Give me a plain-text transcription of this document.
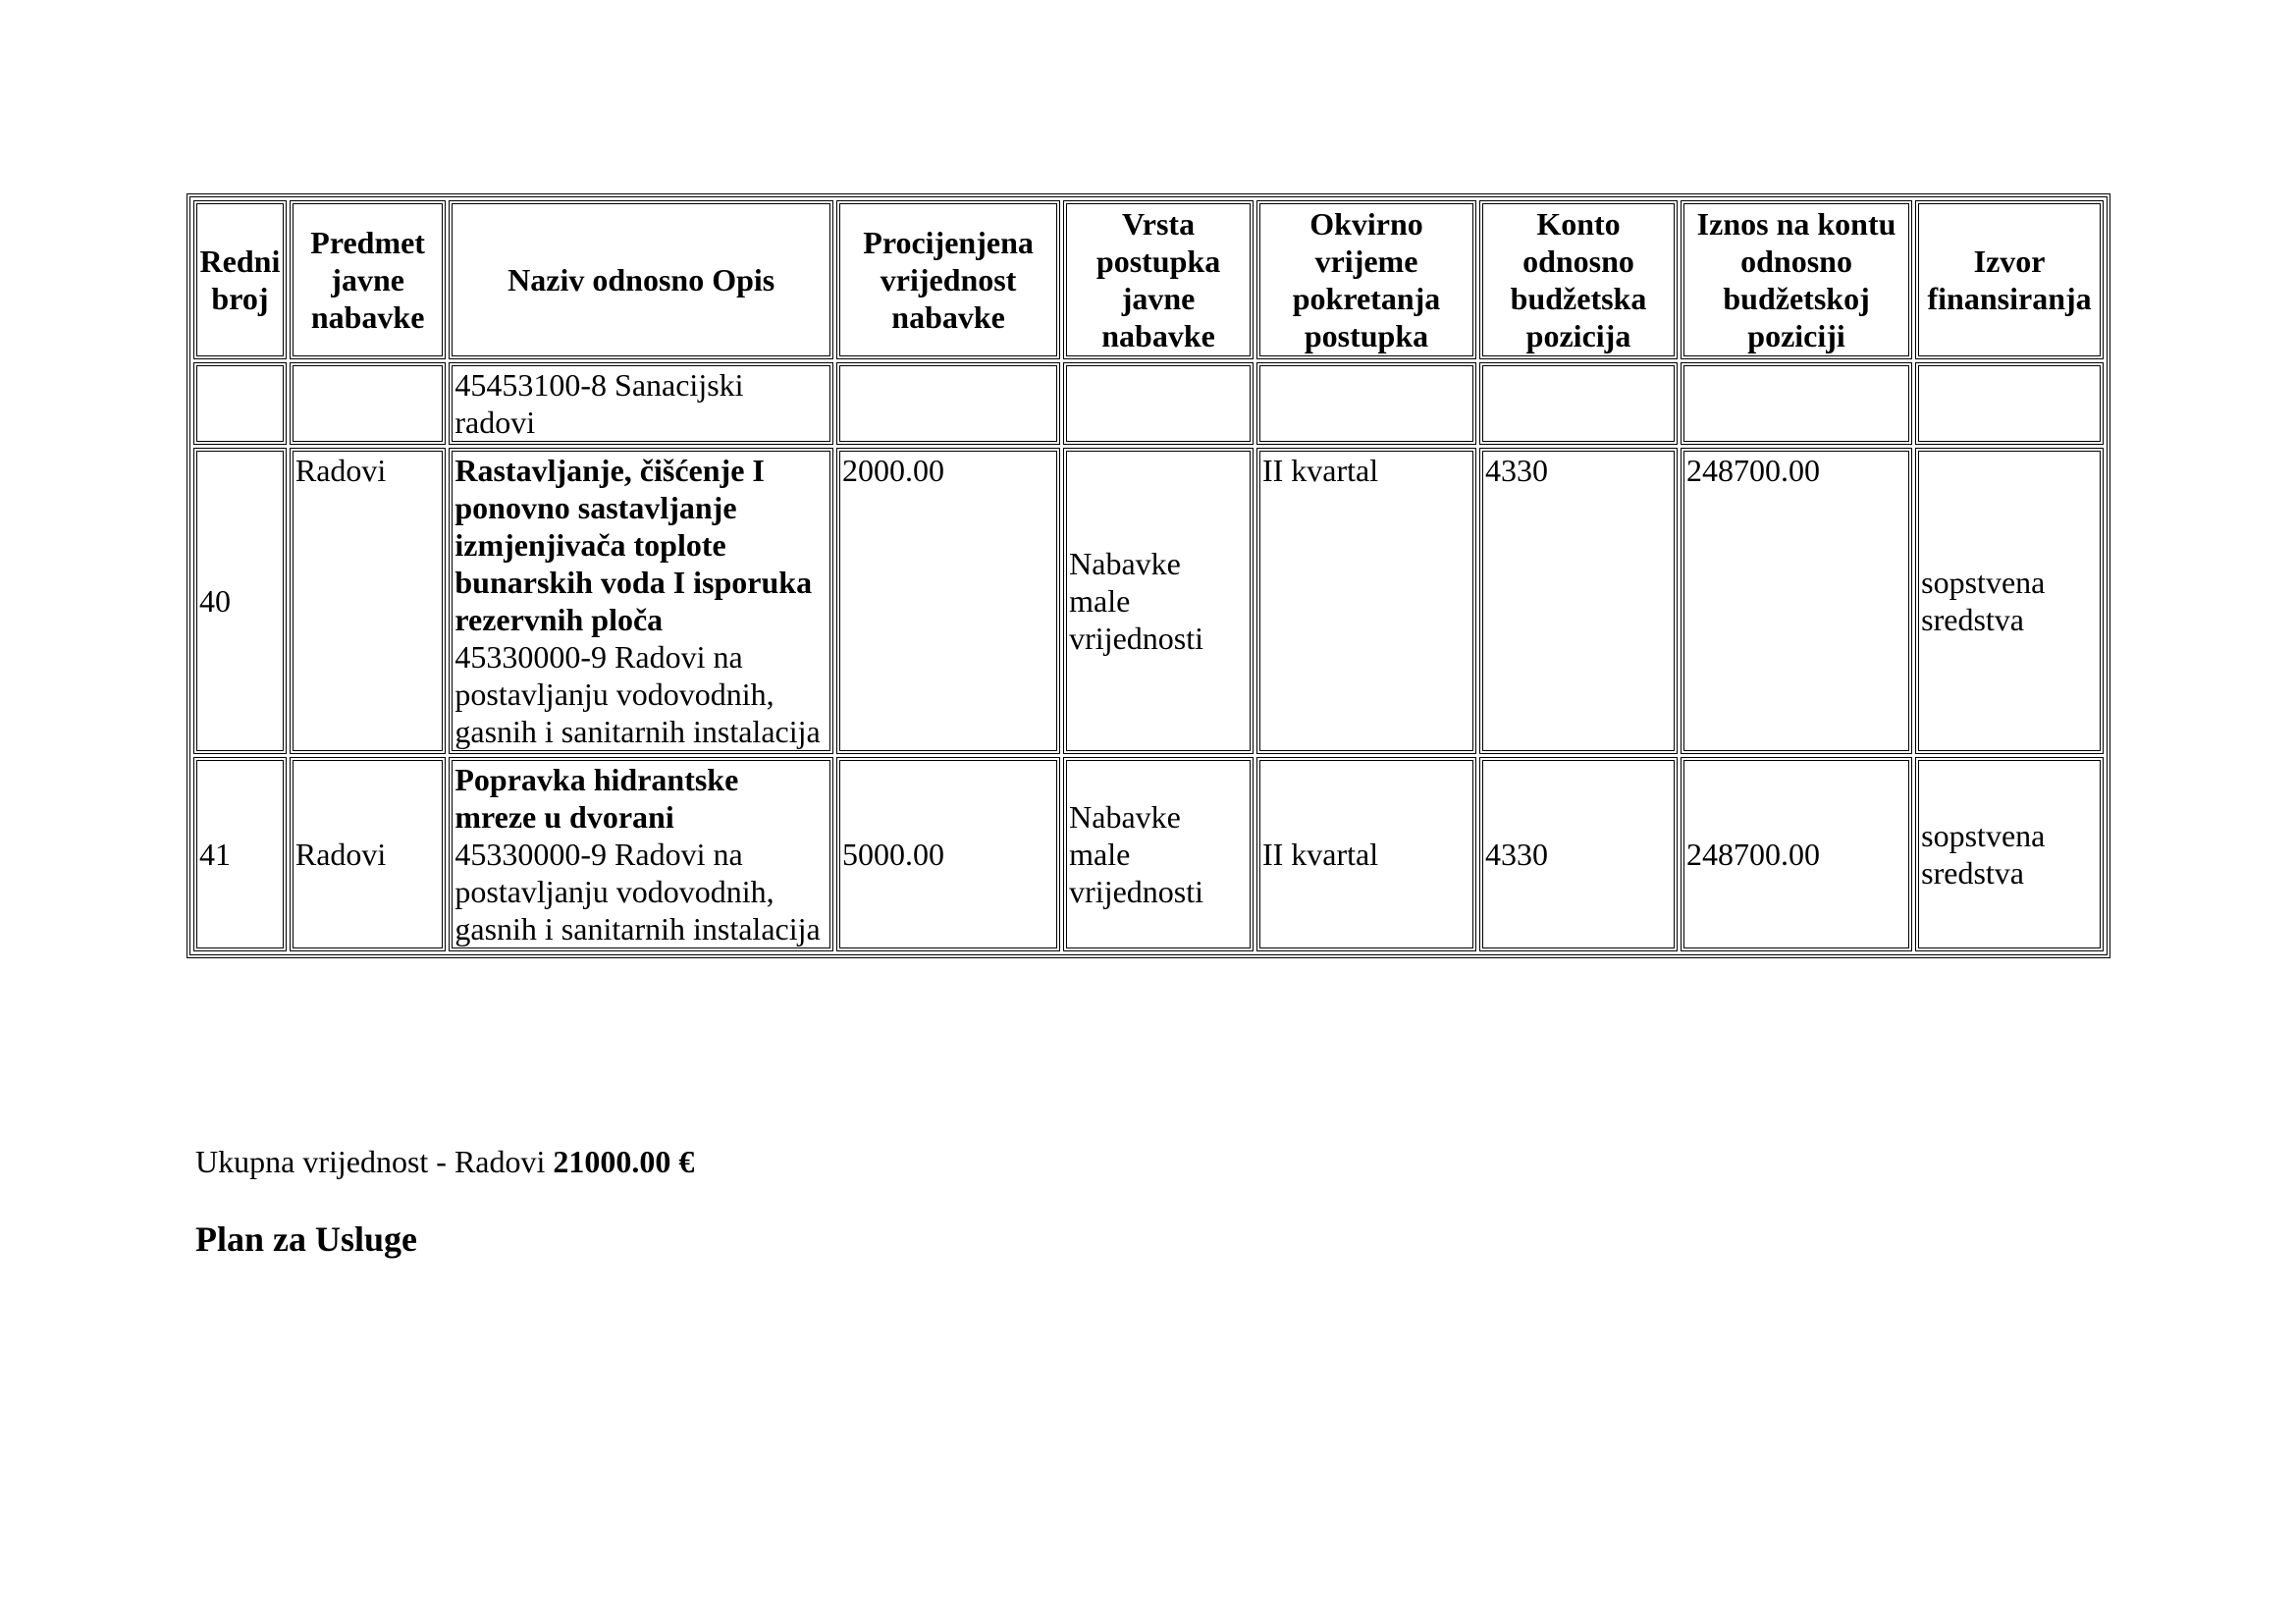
Redni broj	Predmet javne nabavke	Naziv odnosno Opis	Procijenjena vrijednost nabavke	Vrsta postupka javne nabavke	Okvirno vrijeme pokretanja postupka	Konto odnosno budžetska pozicija	Iznos na kontu odnosno budžetskoj poziciji	Izvor finansiranja
		45453100-8 Sanacijski radovi						
40	Radovi	Rastavljanje, čišćenje I ponovno sastavljanje izmjenjivača toplote bunarskih voda I isporuka rezervnih ploča
45330000-9 Radovi na postavljanju vodovodnih, gasnih i sanitarnih instalacija	2000.00	Nabavke male vrijednosti	II kvartal	4330	248700.00	sopstvena sredstva
41	Radovi	Popravka hidrantske mreze u dvorani
45330000-9 Radovi na postavljanju vodovodnih, gasnih i sanitarnih instalacija	5000.00	Nabavke male vrijednosti	II kvartal	4330	248700.00	sopstvena sredstva
Ukupna vrijednost - Radovi 21000.00 €
Plan za Usluge
